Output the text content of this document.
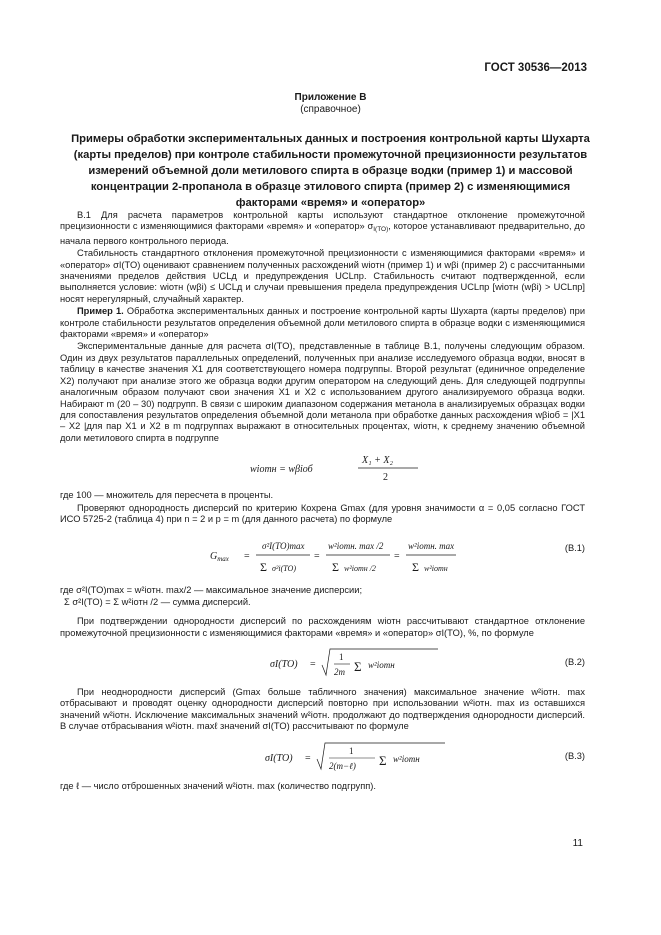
ГОСТ 30536—2013
Приложение В
(справочное)
Примеры обработки экспериментальных данных и построения контрольной карты Шухарта (карты пределов) при контроле стабильности промежуточной прецизионности результатов измерений объемной доли метилового спирта в образце водки (пример 1) и массовой концентрации 2-пропанола в образце этилового спирта (пример 2) с изменяющимися факторами «время» и «оператор»

В.1 Для расчета параметров контрольной карты используют стандартное отклонение промежуточной прецизионности с изменяющимися факторами «время» и «оператор» $\sigma_{I(TO)}$, которое устанавливают предварительно, до начала первого контрольного периода.

Стабильность стандартного отклонения промежуточной прецизионности с изменяющимися факторами «время» и «оператор» σI(TO) оценивают сравнением полученных расхождений wiотн (пример 1) и wβi (пример 2) с рассчитанными значениями пределов действия UCLд и предупреждения UCLпр. Стабильность считают подтвержденной, если выполняется условие: wiотн (wβi) ≤ UCLд и случаи превышения предела предупреждения UCLпр [wiотн (wβi) > UCLпр] носят нерегулярный, случайный характер.

Пример 1. Обработка экспериментальных данных и построение контрольной карты Шухарта (карты пределов) при контроле стабильности результатов определения объемной доли метилового спирта в образце водки с изменяющимися факторами «время» и «оператор»

Экспериментальные данные для расчета σI(TO), представленные в таблице В.1, получены следующим образом. Один из двух результатов параллельных определений, полученных при анализе исследуемого образца водки, вносят в таблицу в качестве значения X1 для соответствующего номера подгруппы. Второй результат (единичное определение X2) получают при анализе этого же образца водки другим оператором на следующий день. Для следующей подгруппы аналогичным образом получают свои значения X1 и X2 с использованием другого анализируемого образца водки. Набирают m (20 – 30) подгрупп. В связи с широким диапазоном содержания метанола в анализируемых образцах водки для сопоставления результатов определения объемной доли метанола при обработке данных расхождения wβiоб = |X1 – X2 |для пар X1 и X2 в m подгруппах выражают в относительных процентах, wiотн, к среднему значению объемной доли метилового спирта в подгруппе

wiотн = wβiоб
X₁ + X₂
2

где 100 — множитель для пересчета в проценты.

Проверяют однородность дисперсий по критерию Кохрена Gmax (для уровня значимости α = 0,05 согласно ГОСТ ИСО 5725-2 (таблица 4) при n = 2 и p = m (для данного расчета) по формуле

$G_{max}$ =
σ²I(TO)max
Σ σ²i(TO)
=
w²iотн. max /2
Σ w²iотн /2
=
w²iотн. max
Σ w²iотн
(В.1)
где σ²I(TO)max = w²iотн. max/2 — максимальное значение дисперсии;
Σ σ²I(TO) = Σ w²iотн /2 — сумма дисперсий.

При подтверждении однородности дисперсий по расхождениям wiотн рассчитывают стандартное отклонение промежуточной прецизионности с изменяющимися факторами «время» и «оператор» σI(TO), %, по формуле

σI(TO) =
1
2m Σ w²iотн	(В.2)

При неоднородности дисперсий (Gmax больше табличного значения) максимальное значение w²iотн. max отбрасывают и проводят оценку однородности дисперсий повторно при использовании w²iотн. max из оставшихся значений w²iотн. Исключение максимальных значений w²iотн. продолжают до подтверждения однородности дисперсий. В случае отбрасывания w²iотн. maxℓ значений σI(TO) рассчитывают по формуле

σI(TO) =
1
2(m−ℓ) Σ w²iотн	(В.3)

где ℓ — число отброшенных значений w²iотн. max (количество подгрупп).

11
